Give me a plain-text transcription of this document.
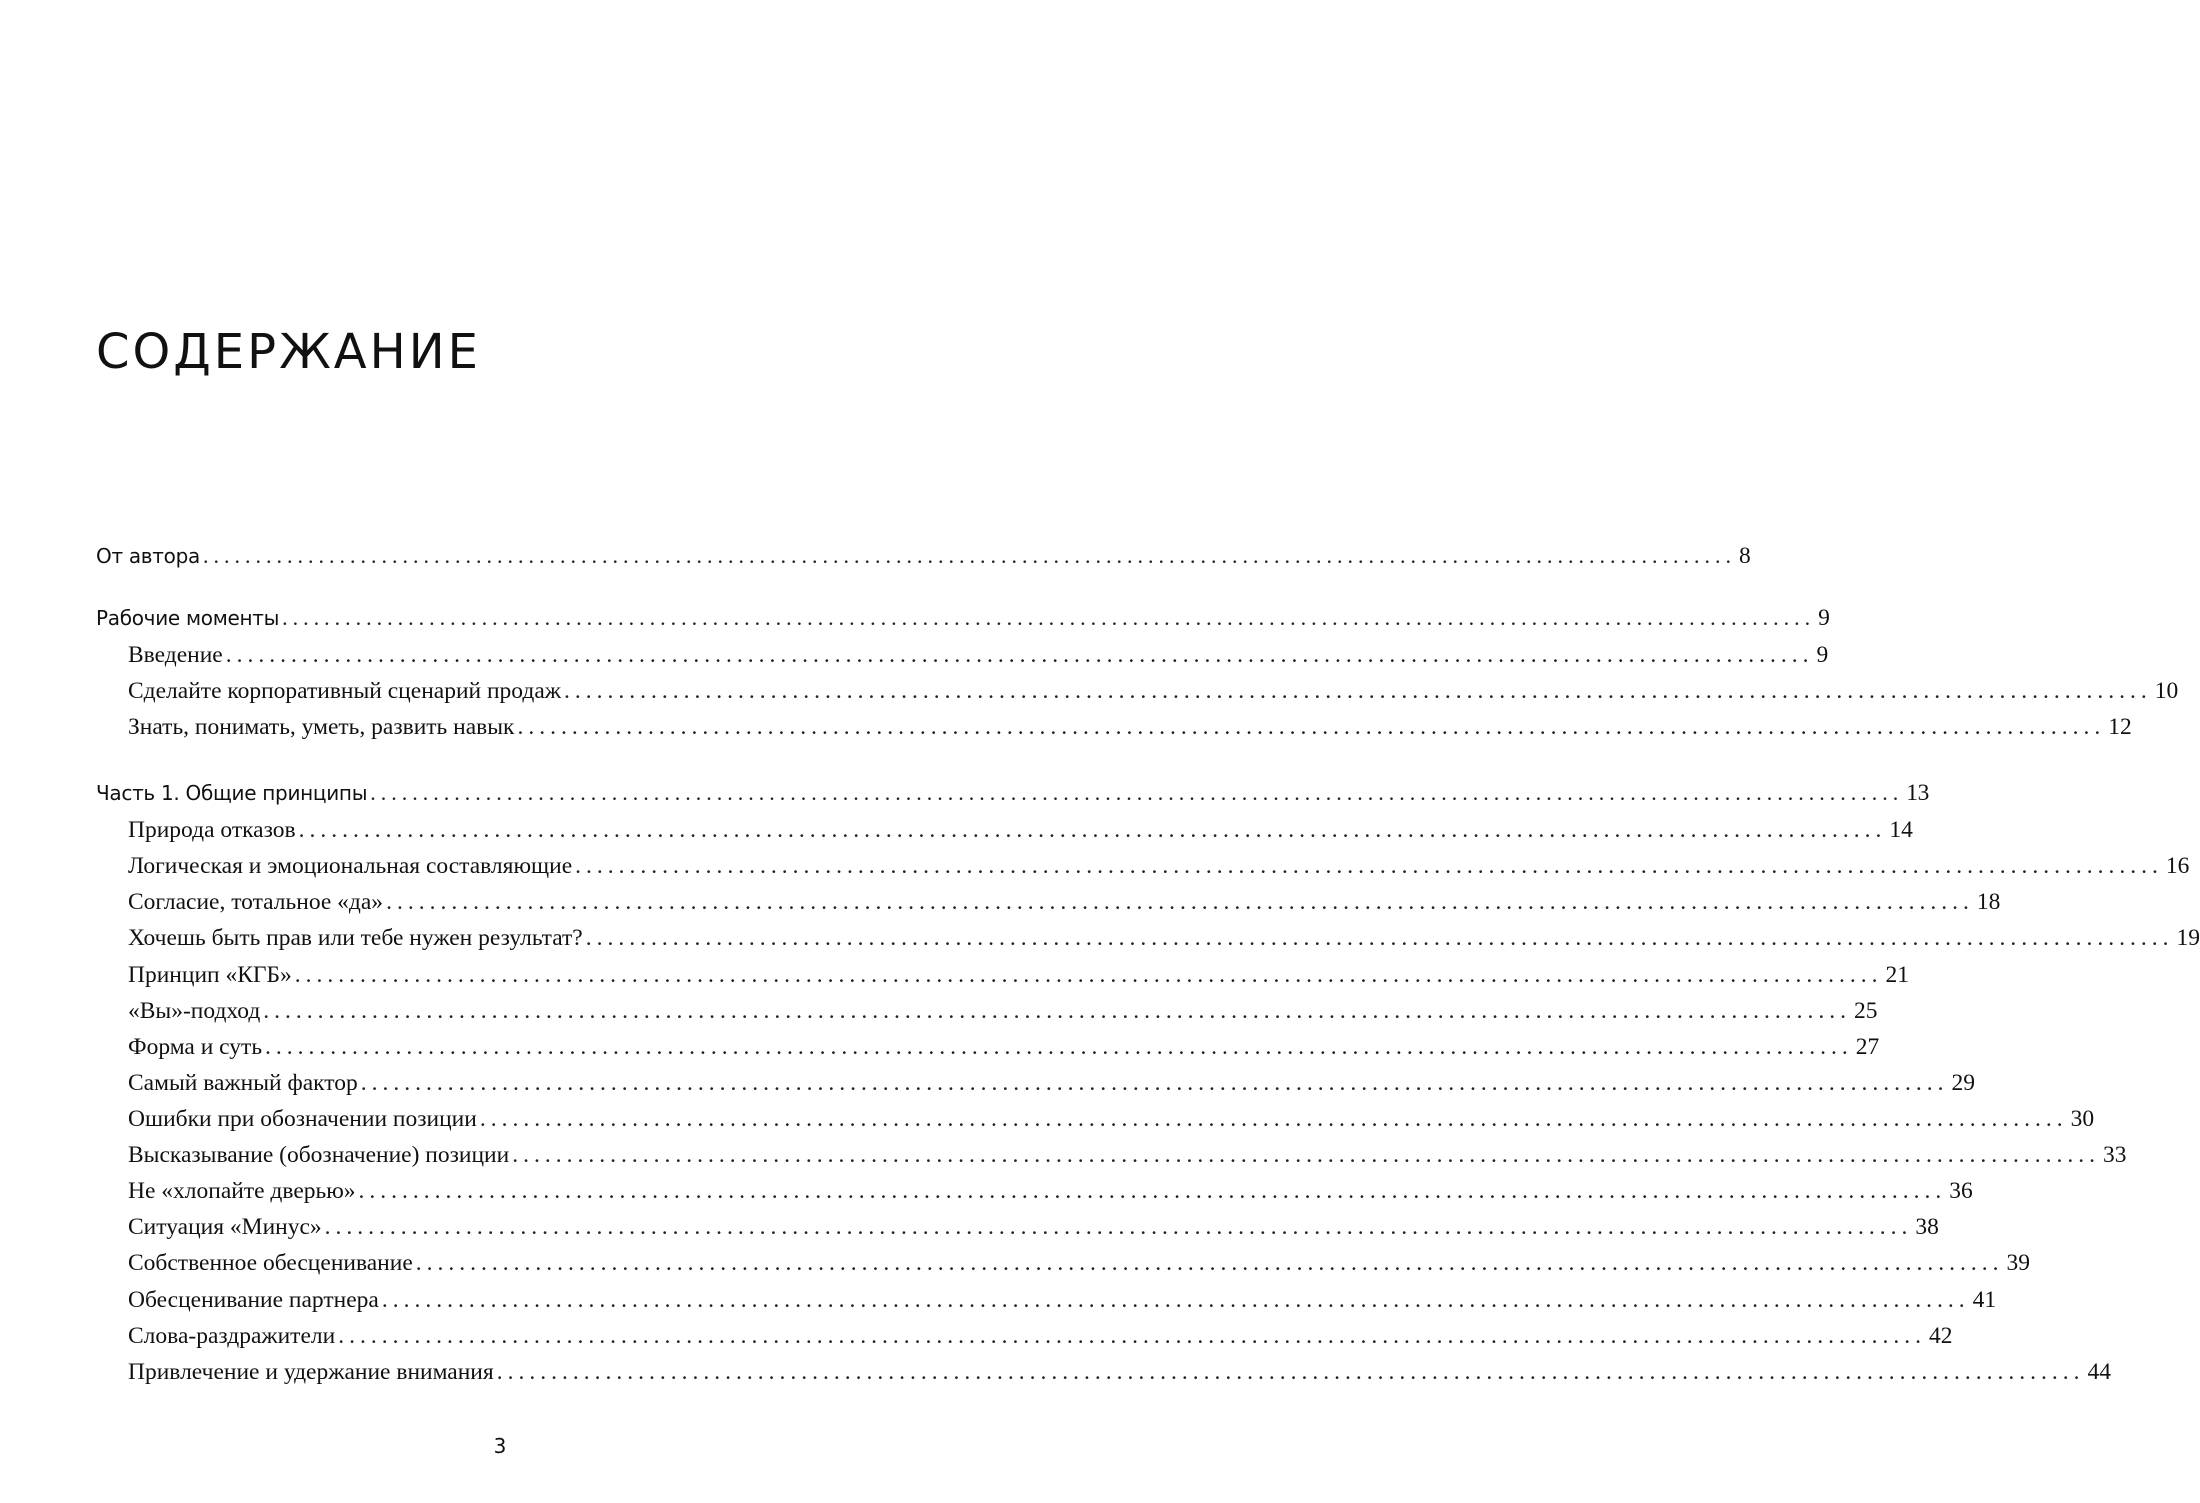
СОДЕРЖАНИЕ
От автора .................................................................................................................................................. 8
Рабочие моменты .................................................................................................................................................. 9
Введение .................................................................................................................................................. 9
Сделайте корпоративный сценарий продаж .................................................................................................................................................. 10
Знать, понимать, уметь, развить навык .................................................................................................................................................. 12
Часть 1. Общие принципы .................................................................................................................................................. 13
Природа отказов .................................................................................................................................................. 14
Логическая и эмоциональная составляющие .................................................................................................................................................. 16
Согласие, тотальное «да» .................................................................................................................................................. 18
Хочешь быть прав или тебе нужен результат? .................................................................................................................................................. 19
Принцип «КГБ» .................................................................................................................................................. 21
«Вы»-подход .................................................................................................................................................. 25
Форма и суть .................................................................................................................................................. 27
Самый важный фактор .................................................................................................................................................. 29
Ошибки при обозначении позиции .................................................................................................................................................. 30
Высказывание (обозначение) позиции .................................................................................................................................................. 33
Не «хлопайте дверью» .................................................................................................................................................. 36
Ситуация «Минус» .................................................................................................................................................. 38
Собственное обесценивание .................................................................................................................................................. 39
Обесценивание партнера .................................................................................................................................................. 41
Слова-раздражители .................................................................................................................................................. 42
Привлечение и удержание внимания .................................................................................................................................................. 44
3
